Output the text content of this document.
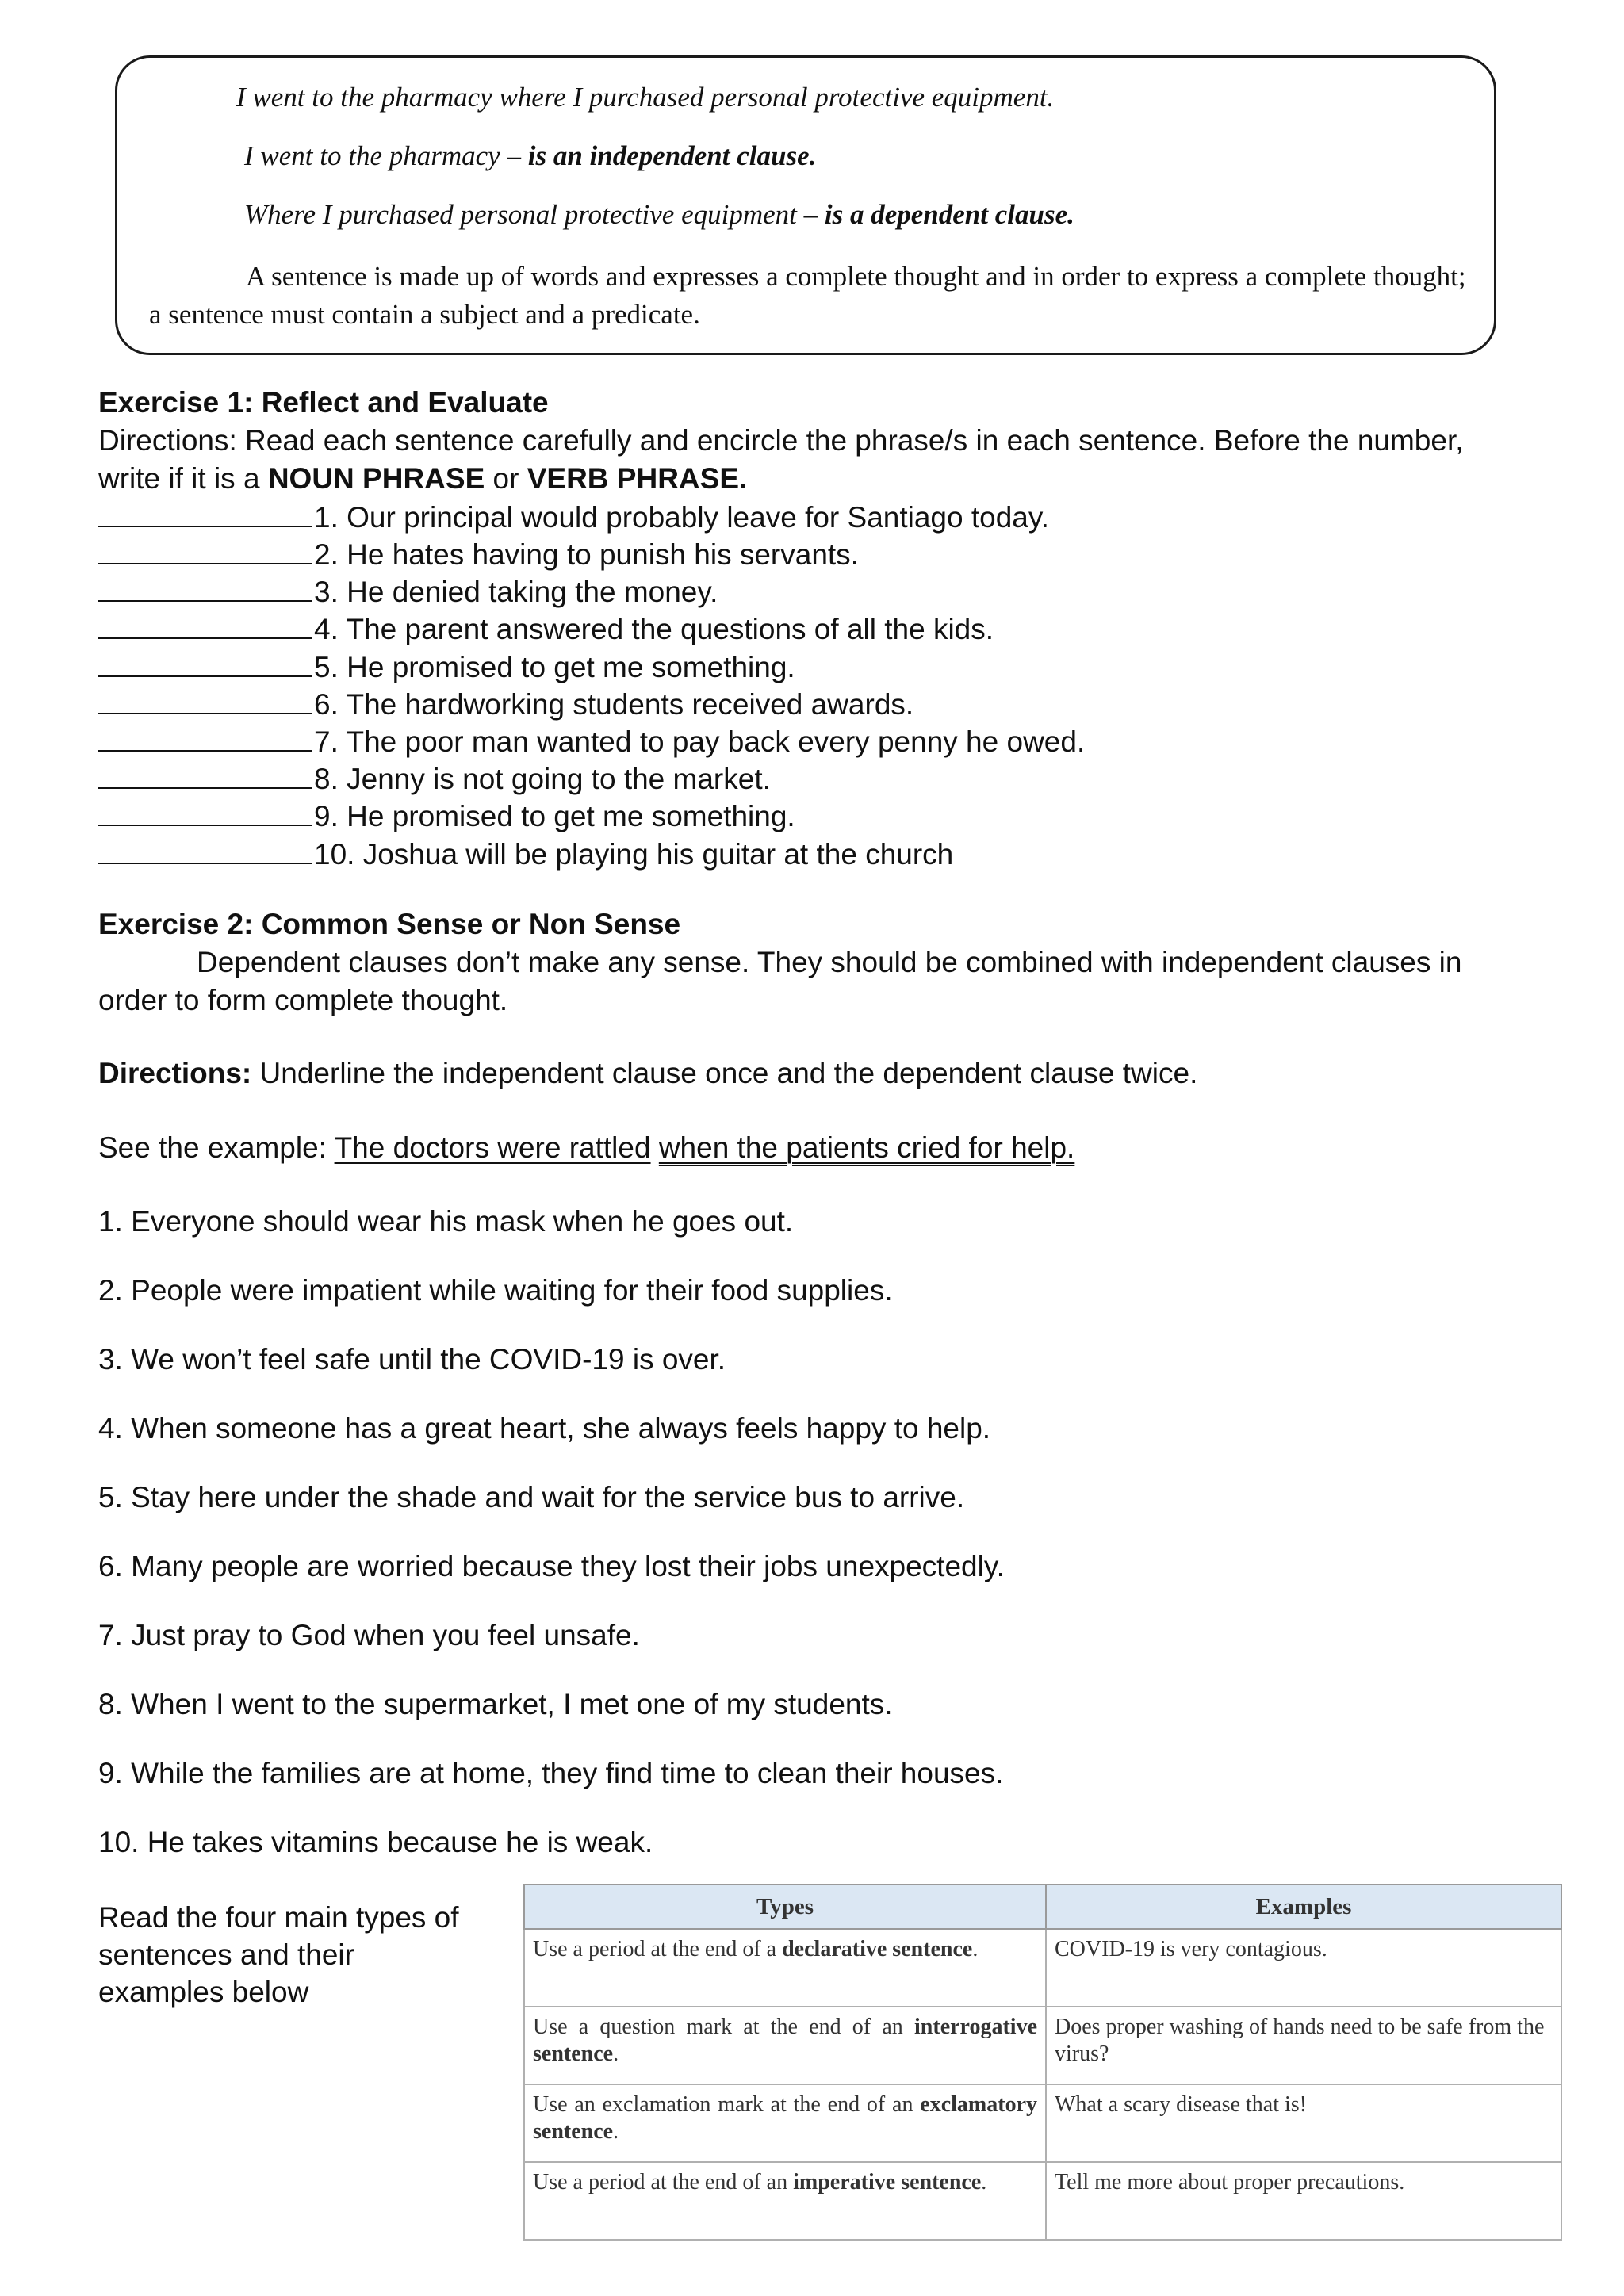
I went to the pharmacy where I purchased personal protective equipment.
I went to the pharmacy – is an independent clause.
Where I purchased personal protective equipment – is a dependent clause.
A sentence is made up of words and expresses a complete thought and in order to express a complete thought; a sentence must contain a subject and a predicate.
Exercise 1: Reflect and Evaluate
Directions: Read each sentence carefully and encircle the phrase/s in each sentence. Before the number,
write if it is a NOUN PHRASE or VERB PHRASE.
1. Our principal would probably leave for Santiago today.
2. He hates having to punish his servants.
3. He denied taking the money.
4. The parent answered the questions of all the kids.
5. He promised to get me something.
6. The hardworking students received awards.
7. The poor man wanted to pay back every penny he owed.
8. Jenny is not going to the market.
9. He promised to get me something.
10. Joshua will be playing his guitar at the church
Exercise 2: Common Sense or Non Sense
Dependent clauses don’t make any sense. They should be combined with independent clauses in
order to form complete thought.
Directions: Underline the independent clause once and the dependent clause twice.
See the example: The doctors were rattled when the patients cried for help.
1. Everyone should wear his mask when he goes out.
2. People were impatient while waiting for their food supplies.
3. We won’t feel safe until the COVID-19 is over.
4. When someone has a great heart, she always feels happy to help.
5. Stay here under the shade and wait for the service bus to arrive.
6. Many people are worried because they lost their jobs unexpectedly.
7. Just pray to God when you feel unsafe.
8. When I went to the supermarket, I met one of my students.
9. While the families are at home, they find time to clean their houses.
10. He takes vitamins because he is weak.
Read the four main types of sentences and their examples below
Types	Examples
Use a period at the end of a declarative sentence.	COVID-19 is very contagious.
Use a question mark at the end of an interrogative sentence.	Does proper washing of hands need to be safe from the virus?
Use an exclamation mark at the end of an exclamatory sentence.	What a scary disease that is!
Use a period at the end of an imperative sentence.	Tell me more about proper precautions.
